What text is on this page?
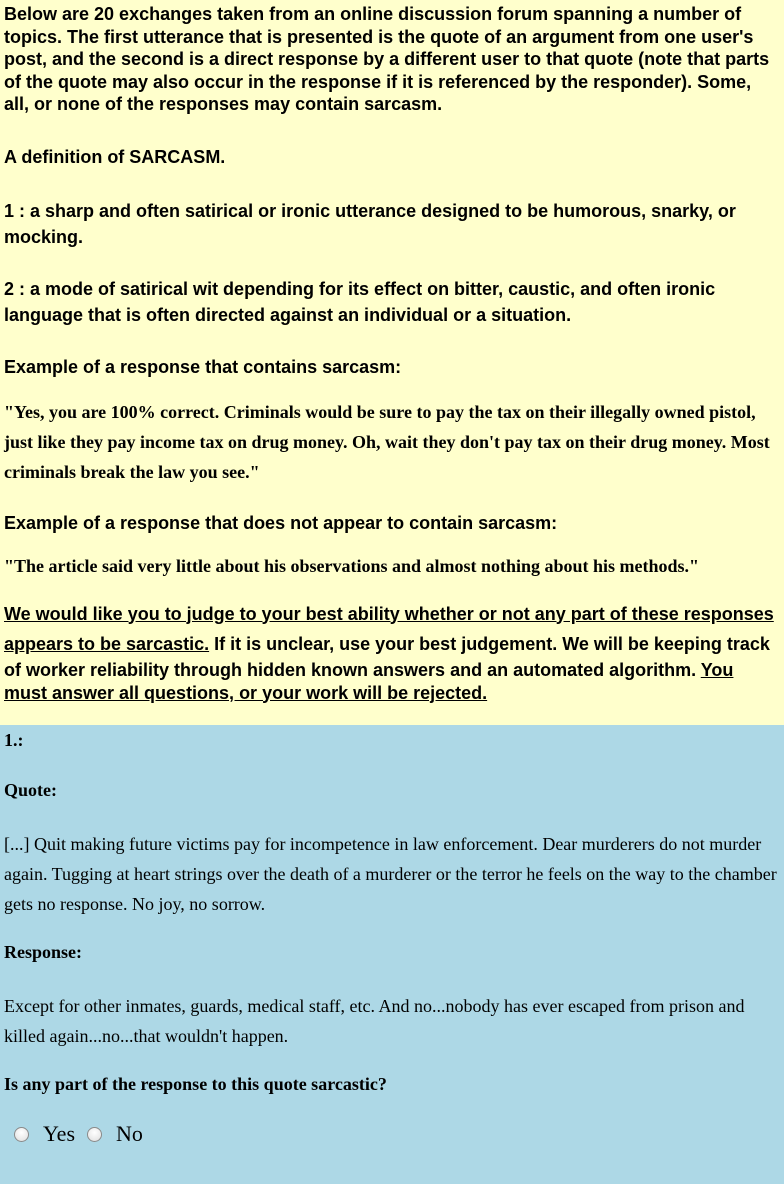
Below are 20 exchanges taken from an online discussion forum spanning a number of topics. The first utterance that is presented is the quote of an argument from one user's post, and the second is a direct response by a different user to that quote (note that parts of the quote may also occur in the response if it is referenced by the responder). Some, all, or none of the responses may contain sarcasm.

A definition of SARCASM.

1 : a sharp and often satirical or ironic utterance designed to be humorous, snarky, or mocking.

2 : a mode of satirical wit depending for its effect on bitter, caustic, and often ironic language that is often directed against an individual or a situation.

Example of a response that contains sarcasm:

"Yes, you are 100% correct. Criminals would be sure to pay the tax on their illegally owned pistol, just like they pay income tax on drug money. Oh, wait they don't pay tax on their drug money. Most criminals break the law you see."

Example of a response that does not appear to contain sarcasm:

"The article said very little about his observations and almost nothing about his methods."

We would like you to judge to your best ability whether or not any part of these responses appears to be sarcastic. If it is unclear, use your best judgement. We will be keeping track of worker reliability through hidden known answers and an automated algorithm. You must answer all questions, or your work will be rejected.

1.:

Quote:

[...] Quit making future victims pay for incompetence in law enforcement. Dear murderers do not murder again. Tugging at heart strings over the death of a murderer or the terror he feels on the way to the chamber gets no response. No joy, no sorrow.

Response:

Except for other inmates, guards, medical staff, etc. And no...nobody has ever escaped from prison and killed again...no...that wouldn't happen.

Is any part of the response to this quote sarcastic?

Yes No
